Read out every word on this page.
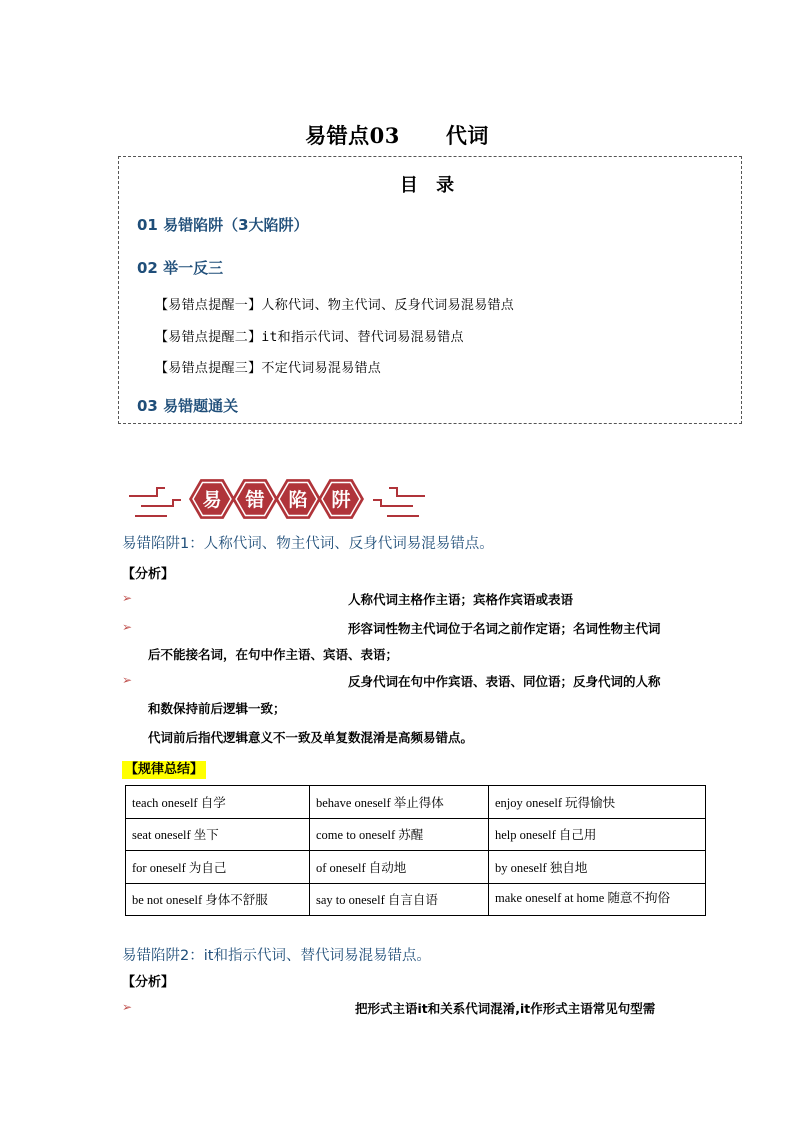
易错点03 代词
目 录
01 易错陷阱（3大陷阱）
02 举一反三
【易错点提醒一】人称代词、物主代词、反身代词易混易错点
【易错点提醒二】it和指示代词、替代词易混易错点
【易错点提醒三】不定代词易混易错点
03 易错题通关
易 错 陷 阱
易错陷阱1：人称代词、物主代词、反身代词易混易错点。
【分析】
➢	人称代词主格作主语；宾格作宾语或表语
➢	形容词性物主代词位于名词之前作定语；名词性物主代词
后不能接名词，在句中作主语、宾语、表语；
➢	反身代词在句中作宾语、表语、同位语；反身代词的人称
和数保持前后逻辑一致；
代词前后指代逻辑意义不一致及单复数混淆是高频易错点。
【规律总结】
teach oneself 自学	behave oneself 举止得体	enjoy oneself 玩得愉快
seat oneself 坐下	come to oneself 苏醒	help oneself 自己用
for oneself 为自己	of oneself 自动地	by oneself 独自地
be not oneself 身体不舒服	say to oneself 自言自语	make oneself at home 随意不拘俗
易错陷阱2：it和指示代词、替代词易混易错点。
【分析】
➢	把形式主语it和关系代词混淆,it作形式主语常见句型需
